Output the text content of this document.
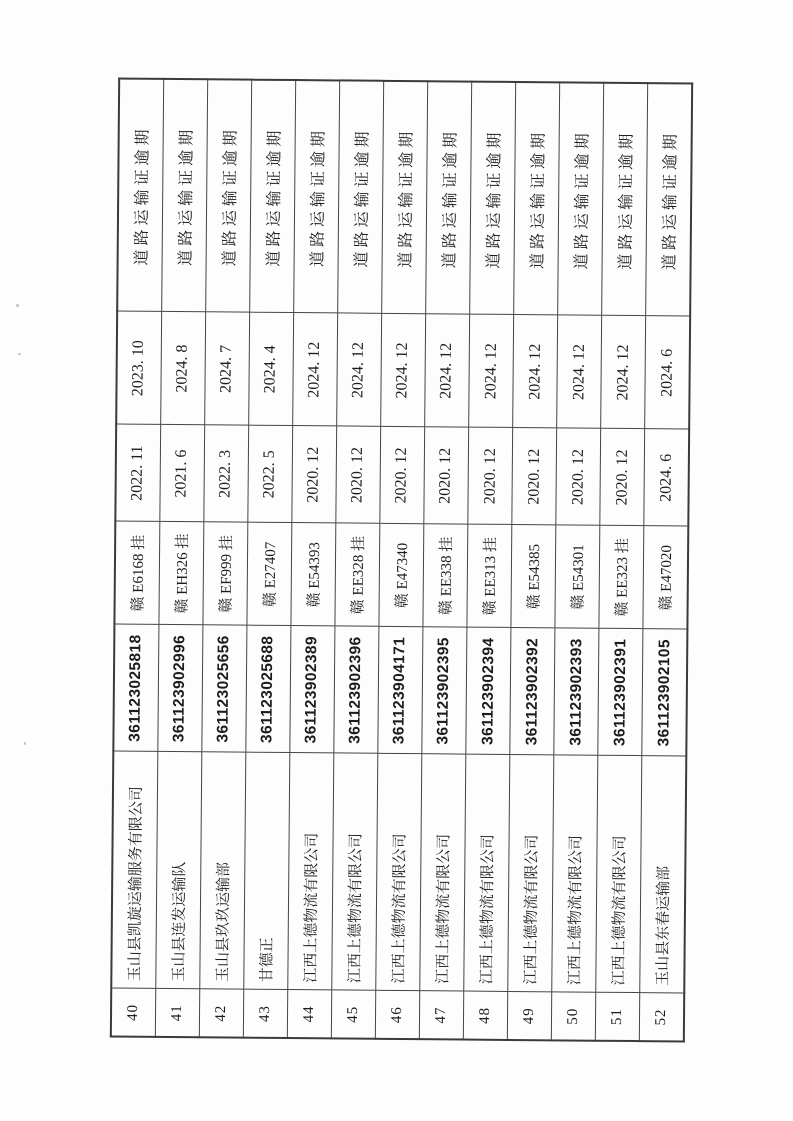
40	玉山县凯旋运输服务有限公司	361123025818	赣 E6168 挂	2022. 11	2023. 10	道路运输证逾期
41	玉山县连发运输队	361123902996	赣 EH326 挂	2021. 6	2024. 8	道路运输证逾期
42	玉山县玖玖运输部	361123025656	赣 EF999 挂	2022. 3	2024. 7	道路运输证逾期
43	甘德正	361123025688	赣 E27407	2022. 5	2024. 4	道路运输证逾期
44	江西上德物流有限公司	361123902389	赣 E54393	2020. 12	2024. 12	道路运输证逾期
45	江西上德物流有限公司	361123902396	赣 EE328 挂	2020. 12	2024. 12	道路运输证逾期
46	江西上德物流有限公司	361123904171	赣 E47340	2020. 12	2024. 12	道路运输证逾期
47	江西上德物流有限公司	361123902395	赣 EE338 挂	2020. 12	2024. 12	道路运输证逾期
48	江西上德物流有限公司	361123902394	赣 EE313 挂	2020. 12	2024. 12	道路运输证逾期
49	江西上德物流有限公司	361123902392	赣 E54385	2020. 12	2024. 12	道路运输证逾期
50	江西上德物流有限公司	361123902393	赣 E54301	2020. 12	2024. 12	道路运输证逾期
51	江西上德物流有限公司	361123902391	赣 EE323 挂	2020. 12	2024. 12	道路运输证逾期
52	玉山县东春运输部	361123902105	赣 E47020	2024. 6	2024. 6	道路运输证逾期
